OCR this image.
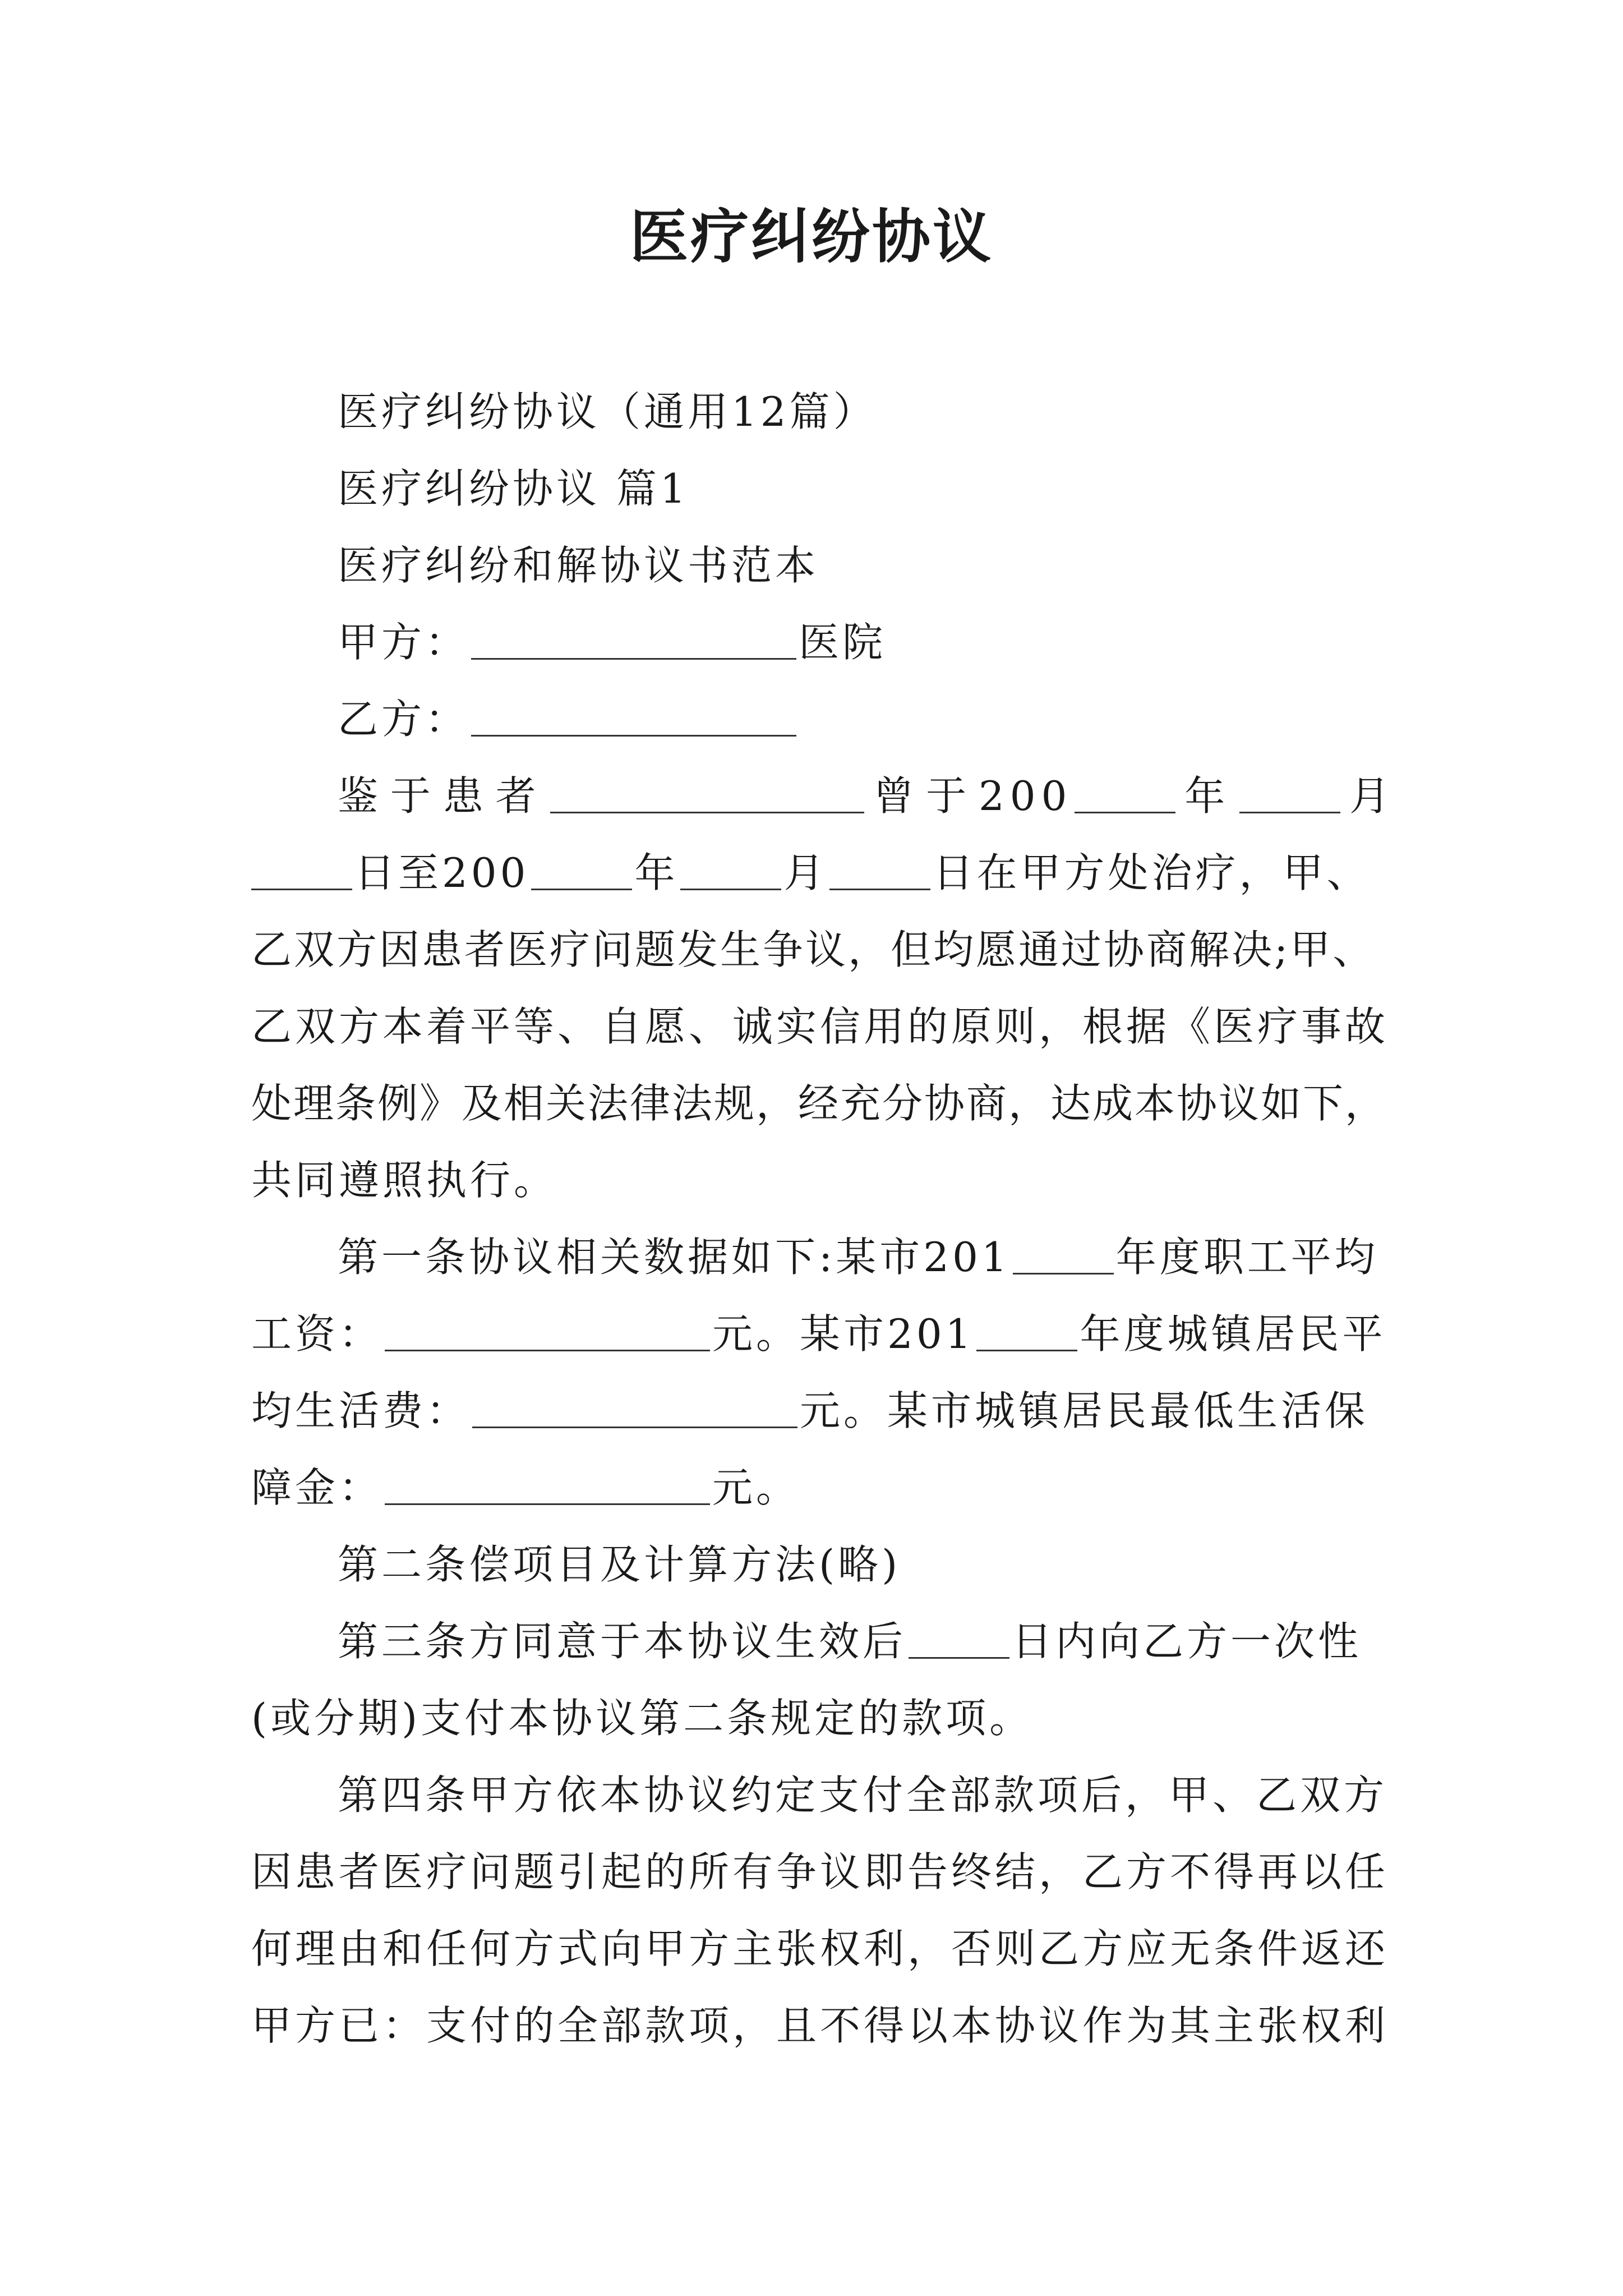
医疗纠纷协议
医疗纠纷协议（通用12篇）
医疗纠纷协议 篇1
医疗纠纷和解协议书范本
甲方：	医院
乙方：
鉴于患者	曾于200	年	月
日至200	年	月	日在甲方处治疗，甲、
乙双方因患者医疗问题发生争议，但均愿通过协商解决;甲、
乙双方本着平等、自愿、诚实信用的原则，根据《医疗事故
处理条例》及相关法律法规，经充分协商，达成本协议如下，
共同遵照执行。
第一条协议相关数据如下:某市201	年度职工平均
工资：	元。某市201	年度城镇居民平
均生活费：	元。某市城镇居民最低生活保
障金：	元。
第二条偿项目及计算方法(略)
第三条方同意于本协议生效后	日内向乙方一次性
(或分期)支付本协议第二条规定的款项。
第四条甲方依本协议约定支付全部款项后，甲、乙双方
因患者医疗问题引起的所有争议即告终结，乙方不得再以任
何理由和任何方式向甲方主张权利，否则乙方应无条件返还
甲方已：支付的全部款项，且不得以本协议作为其主张权利
